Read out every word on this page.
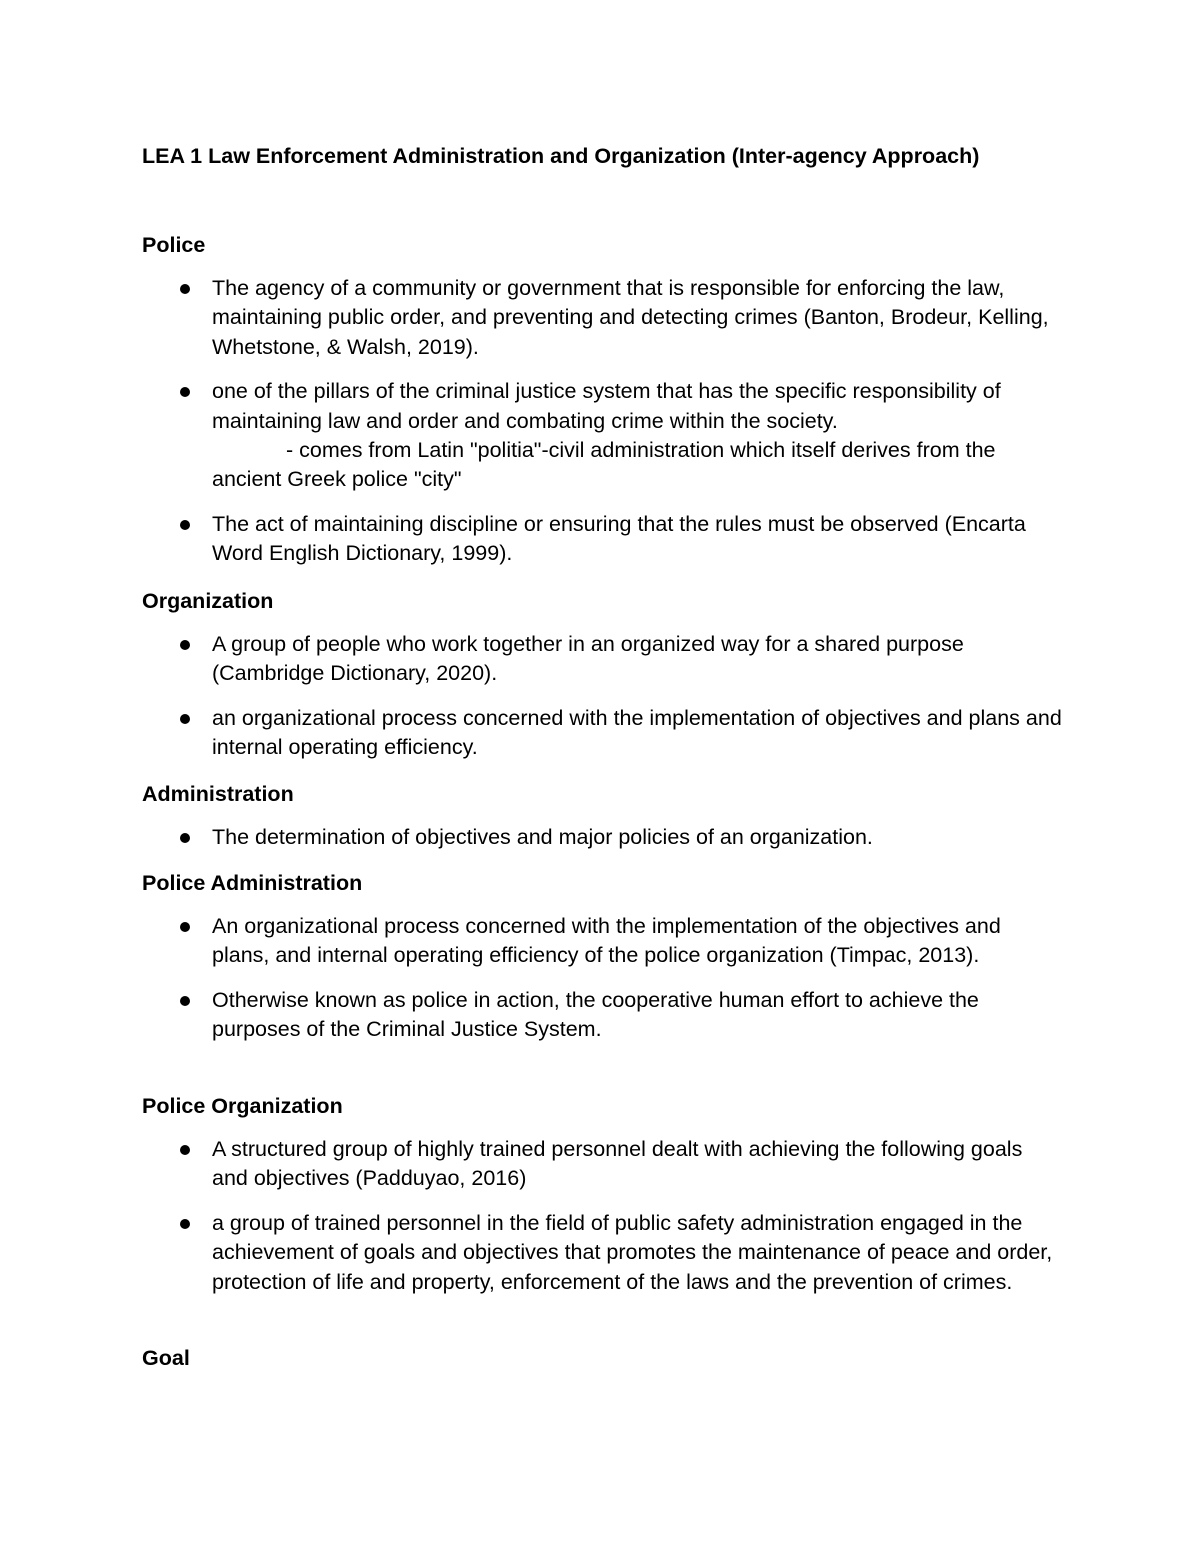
LEA 1 Law Enforcement Administration and Organization (Inter-agency Approach)
Police
The agency of a community or government that is responsible for enforcing the law, maintaining public order, and preventing and detecting crimes (Banton, Brodeur, Kelling, Whetstone, & Walsh, 2019).
one of the pillars of the criminal justice system that has the specific responsibility of maintaining law and order and combating crime within the society.
- comes from Latin "politia"-civil administration which itself derives from the ancient Greek police "city"
The act of maintaining discipline or ensuring that the rules must be observed (Encarta Word English Dictionary, 1999).
Organization
A group of people who work together in an organized way for a shared purpose (Cambridge Dictionary, 2020).
an organizational process concerned with the implementation of objectives and plans and internal operating efficiency.
Administration
The determination of objectives and major policies of an organization.
Police Administration
An organizational process concerned with the implementation of the objectives and plans, and internal operating efficiency of the police organization (Timpac, 2013).
Otherwise known as police in action, the cooperative human effort to achieve the purposes of the Criminal Justice System.
Police Organization
A structured group of highly trained personnel dealt with achieving the following goals and objectives (Padduyao, 2016)
a group of trained personnel in the field of public safety administration engaged in the achievement of goals and objectives that promotes the maintenance of peace and order, protection of life and property, enforcement of the laws and the prevention of crimes.
Goal
